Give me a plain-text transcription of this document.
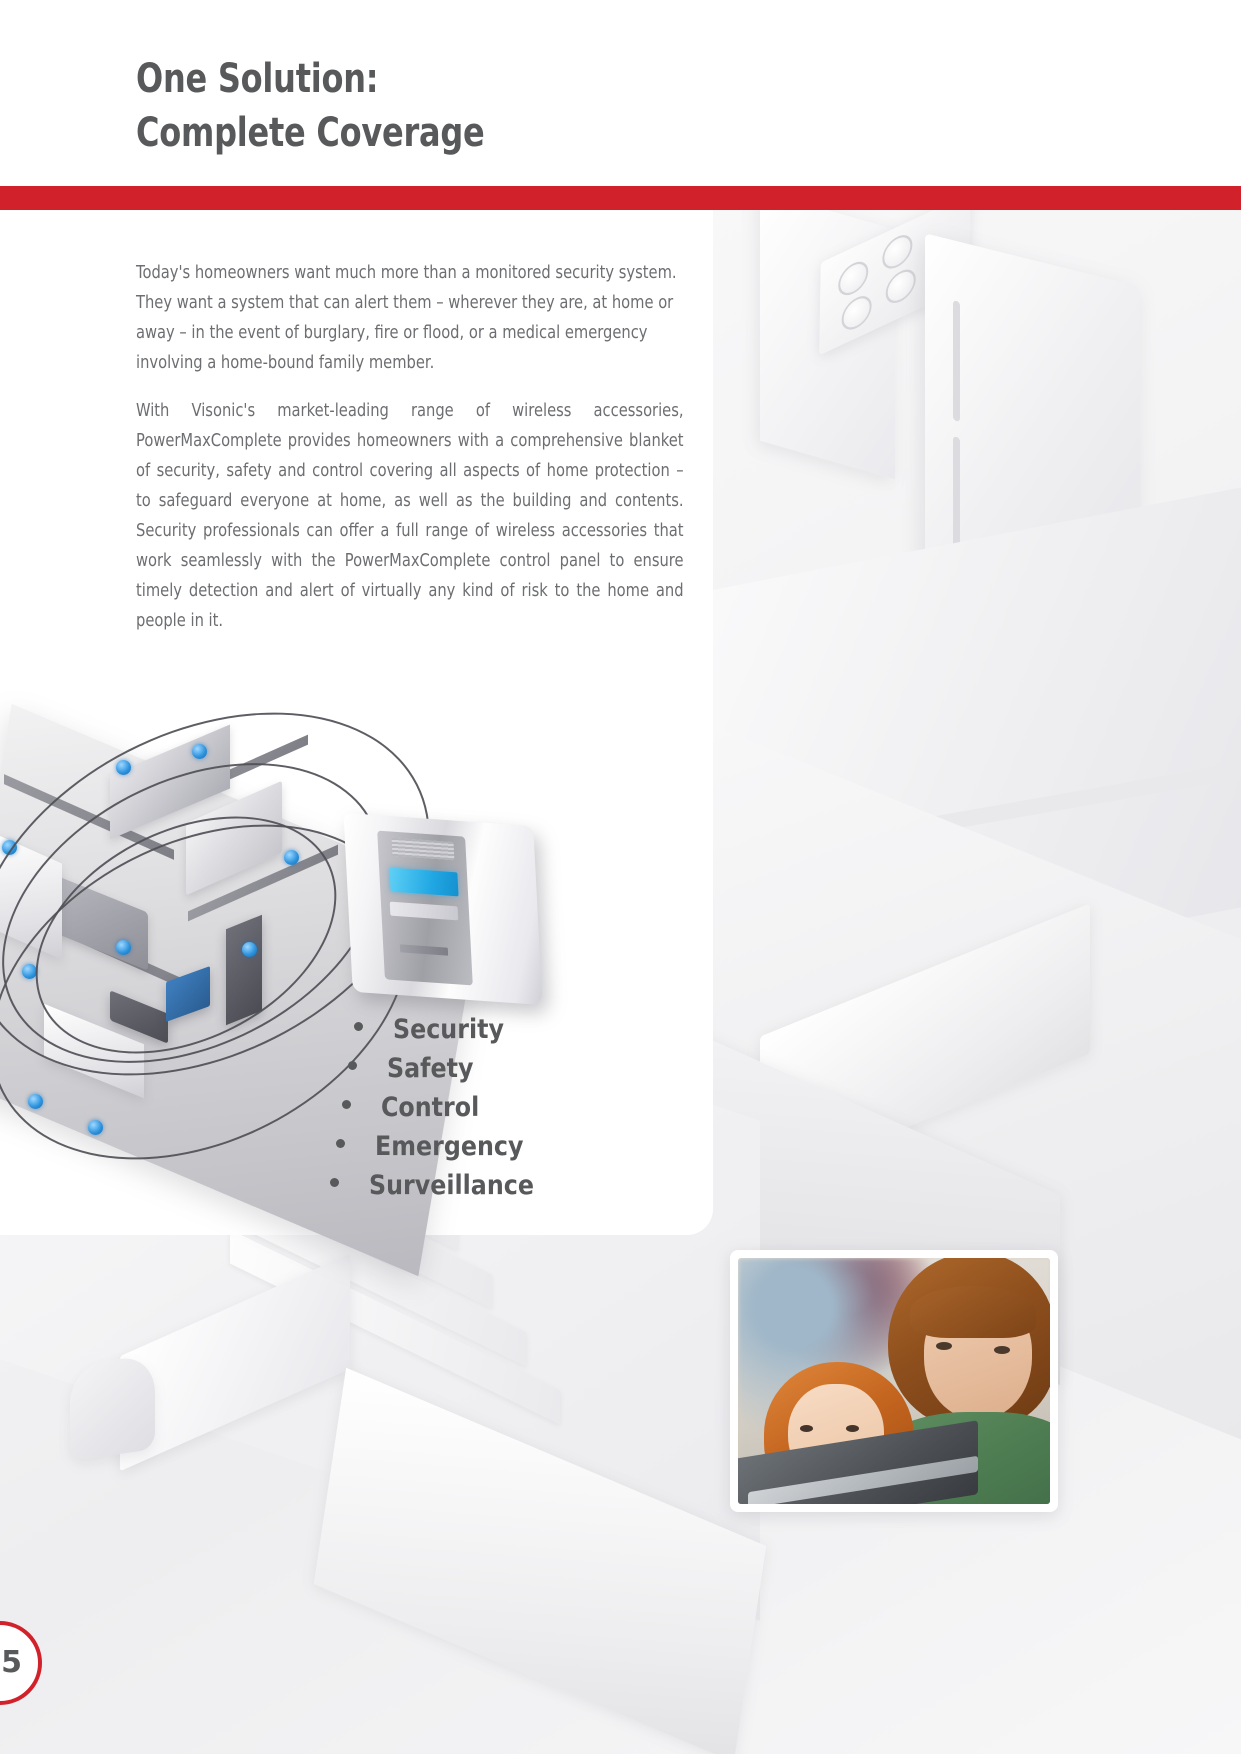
One Solution:
Complete Coverage

Today's homeowners want much more than a monitored security system. They want a system that can alert them – wherever they are, at home or away – in the event of burglary, fire or flood, or a medical emergency involving a home-bound family member.

With Visonic's market-leading range of wireless accessories, PowerMaxComplete provides homeowners with a comprehensive blanket of security, safety and control covering all aspects of home protection – to safeguard everyone at home, as well as the building and contents. Security professionals can offer a full range of wireless accessories that work seamlessly with the PowerMaxComplete control panel to ensure timely detection and alert of virtually any kind of risk to the home and people in it.

Security
Safety
Control
Emergency
Surveillance
5
